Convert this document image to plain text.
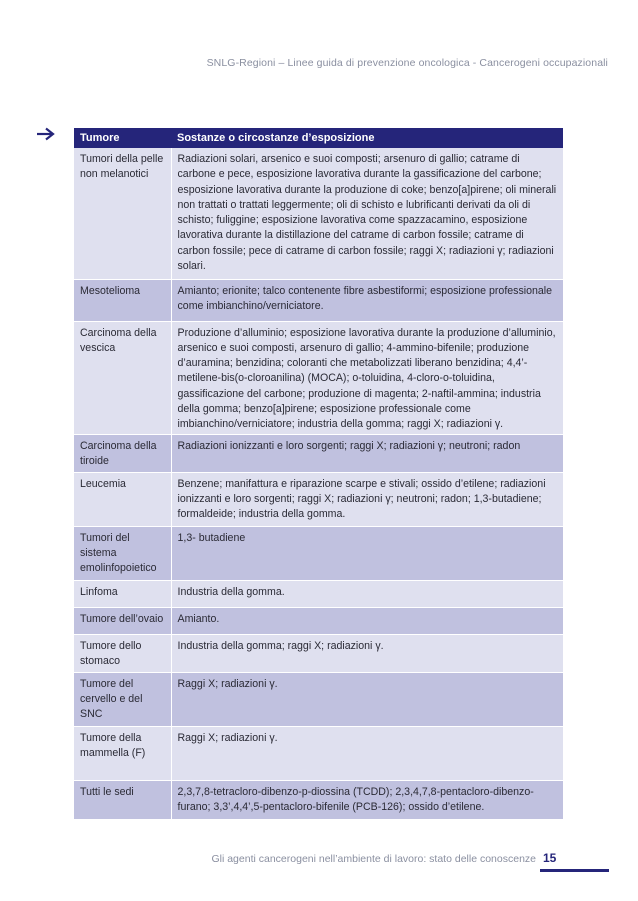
SNLG-Regioni – Linee guida di prevenzione oncologica - Cancerogeni occupazionali
Tumore	Sostanze o circostanze d’esposizione
Tumori della pelle non melanotici	Radiazioni solari, arsenico e suoi composti; arsenuro di gallio; catrame di carbone e pece, esposizione lavorativa durante la gassificazione del carbone; esposizione lavorativa durante la produzione di coke; benzo[a]pirene; oli minerali non trattati o trattati leggermente; oli di schisto e lubrificanti derivati da oli di schisto; fuliggine; esposizione lavorativa come spazzacamino, esposizione lavorativa durante la distillazione del catrame di carbon fossile; catrame di carbon fossile; pece di catrame di carbon fossile; raggi X; radiazioni γ; radiazioni solari.
Mesotelioma	Amianto; erionite; talco contenente fibre asbestiformi; esposizione professionale come imbianchino/verniciatore.
Carcinoma della vescica	Produzione d’alluminio; esposizione lavorativa durante la produzione d’alluminio, arsenico e suoi composti, arsenuro di gallio; 4-ammino-bifenile; produzione d’auramina; benzidina; coloranti che metabolizzati liberano benzidina; 4,4’-metilene-bis(o-cloroanilina) (MOCA); o-toluidina, 4-cloro-o-toluidina, gassificazione del carbone; produzione di magenta; 2-naftil-ammina; industria della gomma; benzo[a]pirene; esposizione professionale come imbianchino/verniciatore; industria della gomma; raggi X; radiazioni γ.
Carcinoma della tiroide	Radiazioni ionizzanti e loro sorgenti; raggi X; radiazioni γ; neutroni; radon
Leucemia	Benzene; manifattura e riparazione scarpe e stivali; ossido d’etilene; radiazioni ionizzanti e loro sorgenti; raggi X; radiazioni γ; neutroni; radon; 1,3-butadiene; formaldeide; industria della gomma.
Tumori del sistema emolinfopoietico	1,3- butadiene
Linfoma	Industria della gomma.
Tumore dell’ovaio	Amianto.
Tumore dello stomaco	Industria della gomma; raggi X; radiazioni γ.
Tumore del cervello e del SNC	Raggi X; radiazioni γ.
Tumore della mammella (F)	Raggi X; radiazioni γ.
Tutti le sedi	2,3,7,8-tetracloro-dibenzo-p-diossina (TCDD); 2,3,4,7,8-pentacloro-dibenzo-furano; 3,3’,4,4’,5-pentacloro-bifenile (PCB-126); ossido d’etilene.
Gli agenti cancerogeni nell’ambiente di lavoro: stato delle conoscenze 15
